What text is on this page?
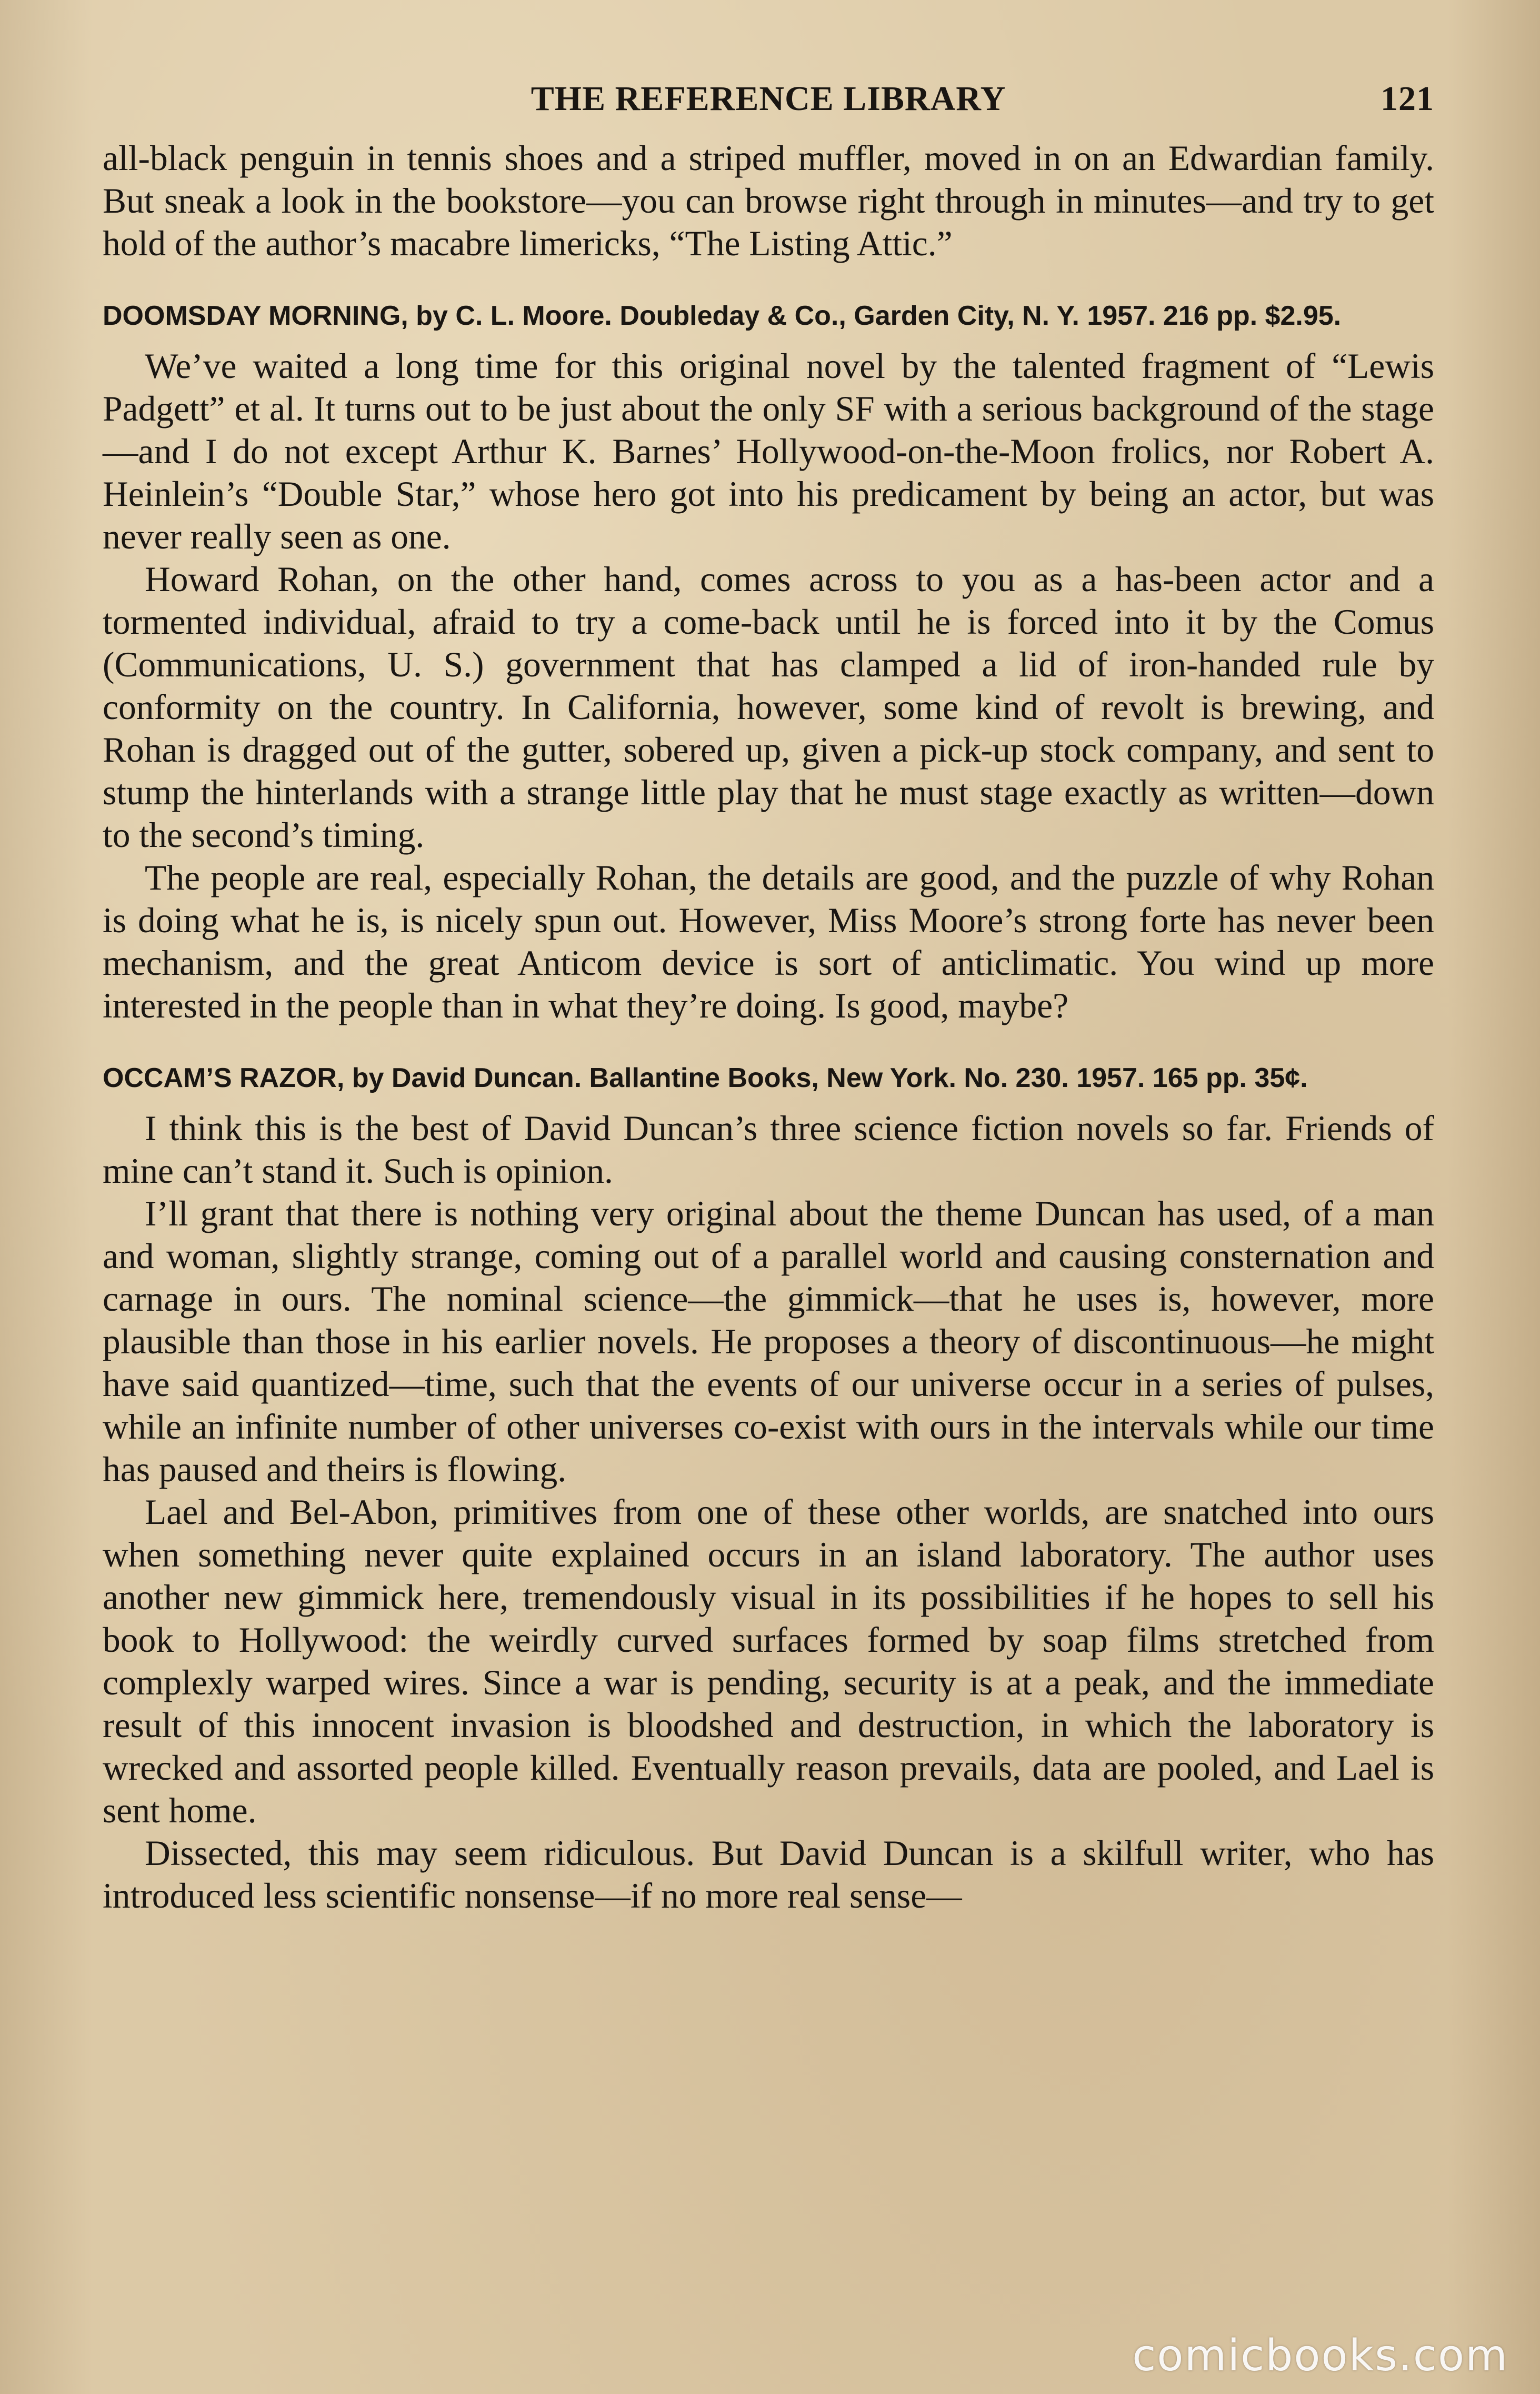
THE REFERENCE LIBRARY	121

all-black penguin in tennis shoes and a striped muffler, moved in on an Edwardian family. But sneak a look in the bookstore—you can browse right through in minutes—and try to get hold of the author’s macabre limericks, “The Listing Attic.”

DOOMSDAY MORNING, by C. L. Moore. Doubleday & Co., Garden City, N. Y. 1957. 216 pp. $2.95.

We’ve waited a long time for this original novel by the talented fragment of “Lewis Padgett” et al. It turns out to be just about the only SF with a serious background of the stage—and I do not except Arthur K. Barnes’ Hollywood-on-the-Moon frolics, nor Robert A. Heinlein’s “Double Star,” whose hero got into his predicament by being an actor, but was never really seen as one.

Howard Rohan, on the other hand, comes across to you as a has-been actor and a tormented individual, afraid to try a come-back until he is forced into it by the Comus (Communications, U. S.) government that has clamped a lid of iron-handed rule by conformity on the country. In California, however, some kind of revolt is brewing, and Rohan is dragged out of the gutter, sobered up, given a pick-up stock company, and sent to stump the hinterlands with a strange little play that he must stage exactly as written—down to the second’s timing.

The people are real, especially Rohan, the details are good, and the puzzle of why Rohan is doing what he is, is nicely spun out. However, Miss Moore’s strong forte has never been mechanism, and the great Anticom device is sort of anticlimatic. You wind up more interested in the people than in what they’re doing. Is good, maybe?

OCCAM’S RAZOR, by David Duncan. Ballantine Books, New York. No. 230. 1957. 165 pp. 35¢.

I think this is the best of David Duncan’s three science fiction novels so far. Friends of mine can’t stand it. Such is opinion.

I’ll grant that there is nothing very original about the theme Duncan has used, of a man and woman, slightly strange, coming out of a parallel world and causing consternation and carnage in ours. The nominal science—the gimmick—that he uses is, however, more plausible than those in his earlier novels. He proposes a theory of discontinuous—he might have said quantized—time, such that the events of our universe occur in a series of pulses, while an infinite number of other universes co-exist with ours in the intervals while our time has paused and theirs is flowing.

Lael and Bel-Abon, primitives from one of these other worlds, are snatched into ours when something never quite explained occurs in an island laboratory. The author uses another new gimmick here, tremendously visual in its possibilities if he hopes to sell his book to Hollywood: the weirdly curved surfaces formed by soap films stretched from complexly warped wires. Since a war is pending, security is at a peak, and the immediate result of this innocent invasion is bloodshed and destruction, in which the laboratory is wrecked and assorted people killed. Eventually reason prevails, data are pooled, and Lael is sent home.

Dissected, this may seem ridiculous. But David Duncan is a skilfull writer, who has introduced less scientific nonsense—if no more real sense—

comicbooks.com
